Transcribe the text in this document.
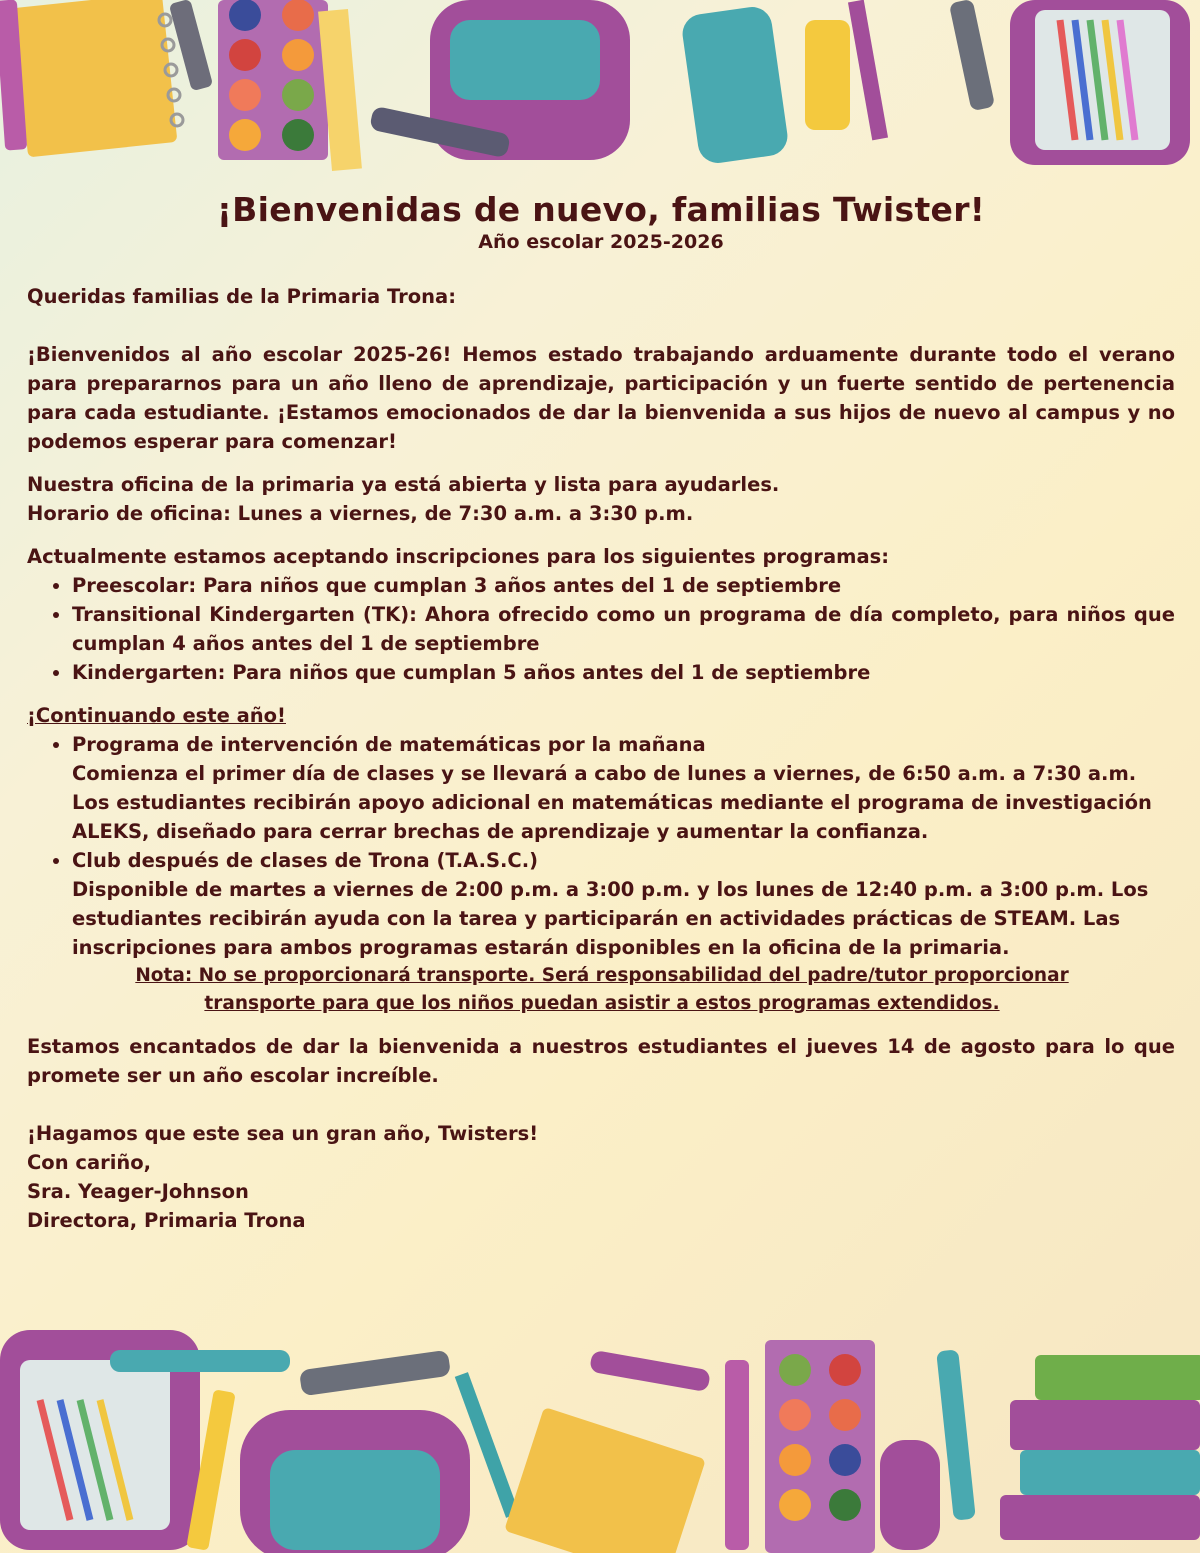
¡Bienvenidas de nuevo, familias Twister!

Año escolar 2025-2026

Queridas familias de la Primaria Trona:

¡Bienvenidos al año escolar 2025-26! Hemos estado trabajando arduamente durante todo el verano para prepararnos para un año lleno de aprendizaje, participación y un fuerte sentido de pertenencia para cada estudiante. ¡Estamos emocionados de dar la bienvenida a sus hijos de nuevo al campus y no podemos esperar para comenzar!

Nuestra oficina de la primaria ya está abierta y lista para ayudarles.

Horario de oficina: Lunes a viernes, de 7:30 a.m. a 3:30 p.m.

Actualmente estamos aceptando inscripciones para los siguientes programas:

• Preescolar: Para niños que cumplan 3 años antes del 1 de septiembre
• Transitional Kindergarten (TK): Ahora ofrecido como un programa de día completo, para niños que cumplan 4 años antes del 1 de septiembre
• Kindergarten: Para niños que cumplan 5 años antes del 1 de septiembre

¡Continuando este año!

• Programa de intervención de matemáticas por la mañana
Comienza el primer día de clases y se llevará a cabo de lunes a viernes, de 6:50 a.m. a 7:30 a.m. Los estudiantes recibirán apoyo adicional en matemáticas mediante el programa de investigación ALEKS, diseñado para cerrar brechas de aprendizaje y aumentar la confianza.
• Club después de clases de Trona (T.A.S.C.)
Disponible de martes a viernes de 2:00 p.m. a 3:00 p.m. y los lunes de 12:40 p.m. a 3:00 p.m. Los estudiantes recibirán ayuda con la tarea y participarán en actividades prácticas de STEAM. Las inscripciones para ambos programas estarán disponibles en la oficina de la primaria.

Nota: No se proporcionará transporte. Será responsabilidad del padre/tutor proporcionar transporte para que los niños puedan asistir a estos programas extendidos.

Estamos encantados de dar la bienvenida a nuestros estudiantes el jueves 14 de agosto para lo que promete ser un año escolar increíble.

¡Hagamos que este sea un gran año, Twisters!

Con cariño,

Sra. Yeager-Johnson

Directora, Primaria Trona
